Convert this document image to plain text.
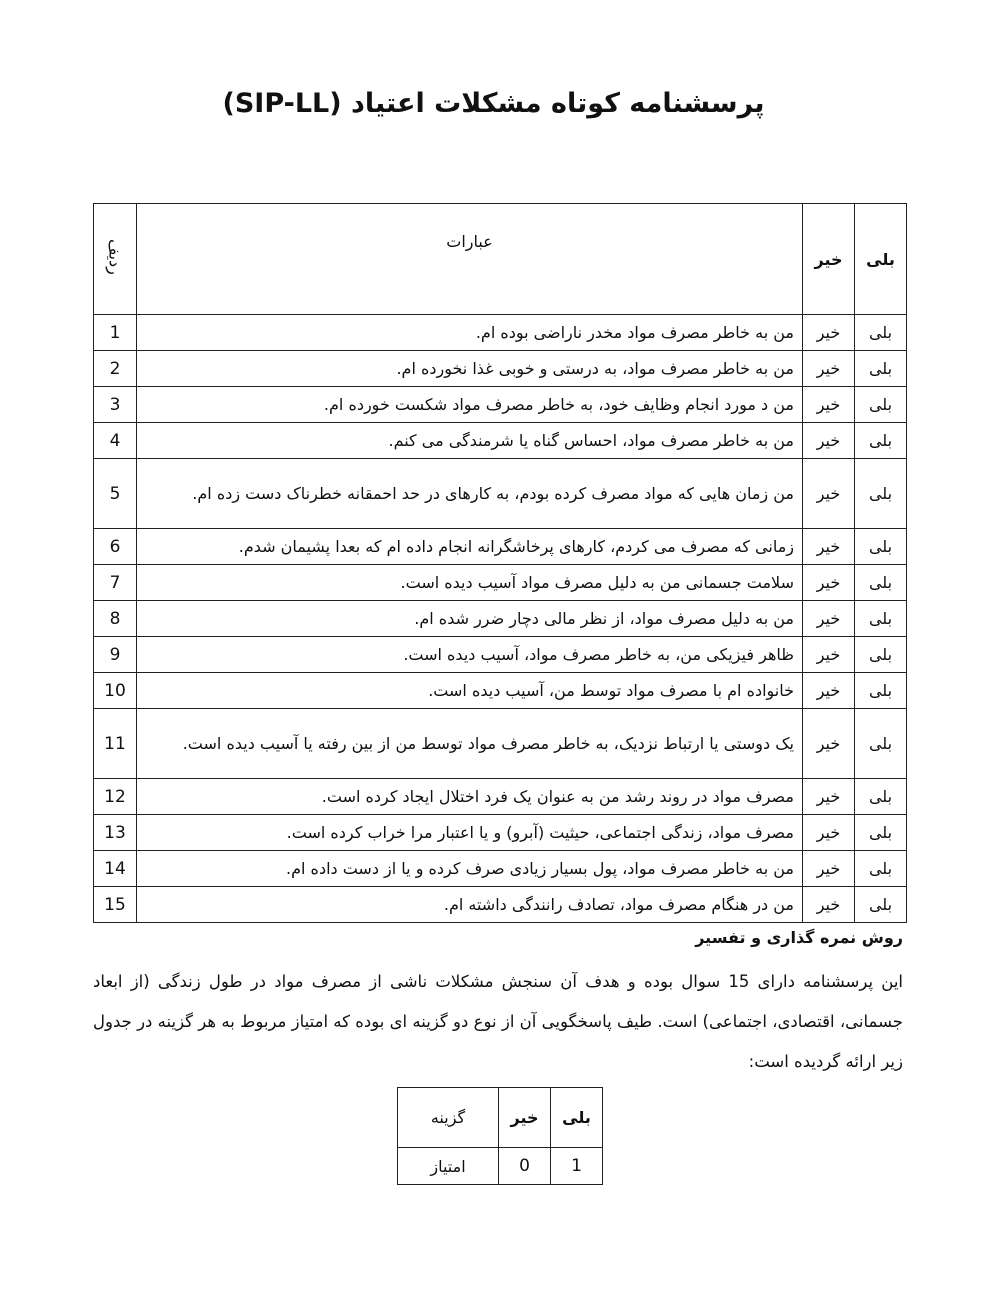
پرسشنامه کوتاه مشکلات اعتیاد (SIP-LL)
بلی	خیر	عبارات	ردیف
بلی	خیر	من به خاطر مصرف مواد مخدر ناراضی بوده ام.	1
بلی	خیر	من به خاطر مصرف مواد، به درستی و خوبی غذا نخورده ام.	2
بلی	خیر	من د مورد انجام وظایف خود، به خاطر مصرف مواد شکست خورده ام.	3
بلی	خیر	من به خاطر مصرف مواد، احساس گناه یا شرمندگی می کنم.	4
بلی	خیر	من زمان هایی که مواد مصرف کرده بودم، به کارهای در حد احمقانه خطرناک دست زده ام.	5
بلی	خیر	زمانی که مصرف می کردم، کارهای پرخاشگرانه انجام داده ام که بعدا پشیمان شدم.	6
بلی	خیر	سلامت جسمانی من به دلیل مصرف مواد آسیب دیده است.	7
بلی	خیر	من به دلیل مصرف مواد، از نظر مالی دچار ضرر شده ام.	8
بلی	خیر	ظاهر فیزیکی من، به خاطر مصرف مواد، آسیب دیده است.	9
بلی	خیر	خانواده ام با مصرف مواد توسط من، آسیب دیده است.	10
بلی	خیر	یک دوستی یا ارتباط نزدیک، به خاطر مصرف مواد توسط من از بین رفته یا آسیب دیده است.	11
بلی	خیر	مصرف مواد در روند رشد من به عنوان یک فرد اختلال ایجاد کرده است.	12
بلی	خیر	مصرف مواد، زندگی اجتماعی، حیثیت (آبرو) و یا اعتبار مرا خراب کرده است.	13
بلی	خیر	من به خاطر مصرف مواد، پول بسیار زیادی صرف کرده و یا از دست داده ام.	14
بلی	خیر	من در هنگام مصرف مواد، تصادف رانندگی داشته ام.	15
روش نمره گذاری و تفسیر

این پرسشنامه دارای 15 سوال بوده و هدف آن سنجش مشکلات ناشی از مصرف مواد در طول زندگی (از ابعاد جسمانی، اقتصادی، اجتماعی) است. طیف پاسخگویی آن از نوع دو گزینه ای بوده که امتیاز مربوط به هر گزینه در جدول زیر ارائه گردیده است:

بلی	خیر	گزینه
1	0	امتیاز
